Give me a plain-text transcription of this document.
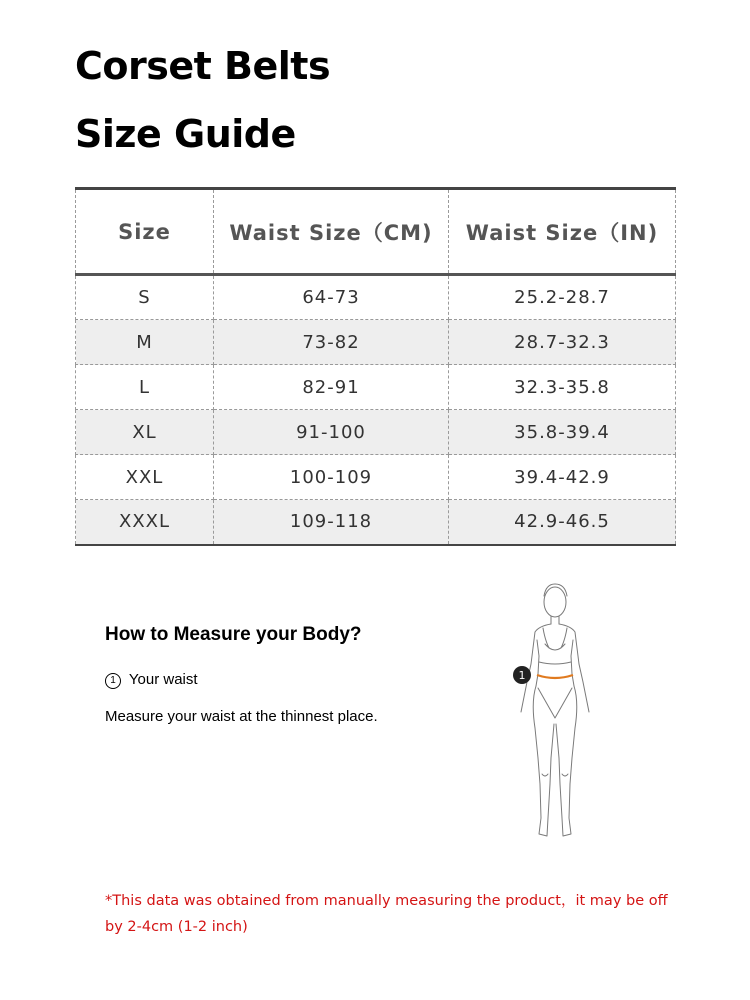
Corset Belts
Size Guide
Size	Waist Size（CM)	Waist Size（IN)
S	64-73	25.2-28.7
M	73-82	28.7-32.3
L	82-91	32.3-35.8
XL	91-100	35.8-39.4
XXL	100-109	39.4-42.9
XXXL	109-118	42.9-46.5
How to Measure your Body?
1 Your waist
Measure your waist at the thinnest place.
1

*This data was obtained from manually measuring the product，it may be off by 2-4cm (1-2 inch)
